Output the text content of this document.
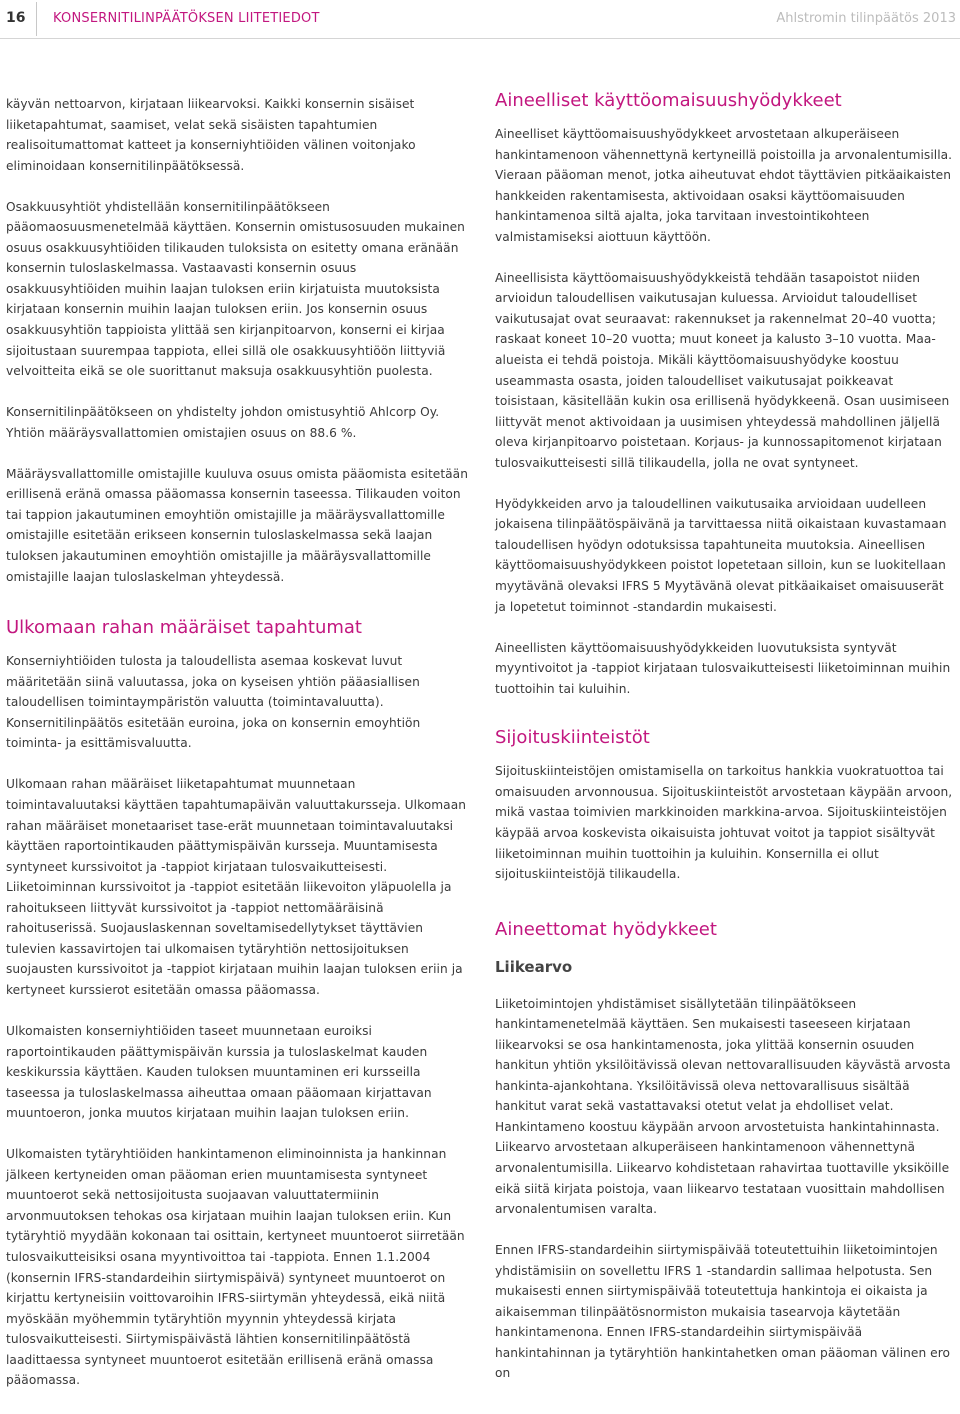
16 KONSERNITILINPÄÄTÖKSEN LIITETIEDOT	Ahlstromin tilinpäätös 2013

käyvän nettoarvon, kirjataan liikearvoksi. Kaikki konsernin sisäiset liiketapahtumat, saamiset, velat sekä sisäisten tapahtumien realisoitumattomat katteet ja konserniyhtiöiden välinen voitonjako eliminoidaan konsernitilinpäätöksessä.

Osakkuusyhtiöt yhdistellään konsernitilinpäätökseen pääomaosuusmenetelmää käyttäen. Konsernin omistusosuuden mukainen osuus osakkuusyhtiöiden tilikauden tuloksista on esitetty omana eränään konsernin tuloslaskelmassa. Vastaavasti konsernin osuus osakkuusyhtiöiden muihin laajan tuloksen eriin kirjatuista muutoksista kirjataan konsernin muihin laajan tuloksen eriin. Jos konsernin osuus osakkuusyhtiön tappioista ylittää sen kirjanpitoarvon, konserni ei kirjaa sijoitustaan suurempaa tappiota, ellei sillä ole osakkuusyhtiöön liittyviä velvoitteita eikä se ole suorittanut maksuja osakkuusyhtiön puolesta.

Konsernitilinpäätökseen on yhdistelty johdon omistusyhtiö Ahlcorp Oy. Yhtiön määräysvallattomien omistajien osuus on 88.6 %.

Määräysvallattomille omistajille kuuluva osuus omista pääomista esitetään erillisenä eränä omassa pääomassa konsernin taseessa. Tilikauden voiton tai tappion jakautuminen emoyhtiön omistajille ja määräysvallattomille omistajille esitetään erikseen konsernin tuloslaskelmassa sekä laajan tuloksen jakautuminen emoyhtiön omistajille ja määräysvallattomille omistajille laajan tuloslaskelman yhteydessä.

Ulkomaan rahan määräiset tapahtumat

Konserniyhtiöiden tulosta ja taloudellista asemaa koskevat luvut määritetään siinä valuutassa, joka on kyseisen yhtiön pääasiallisen taloudellisen toimintaympäristön valuutta (toimintavaluutta). Konsernitilinpäätös esitetään euroina, joka on konsernin emoyhtiön toiminta- ja esittämisvaluutta.

Ulkomaan rahan määräiset liiketapahtumat muunnetaan toimintavaluutaksi käyttäen tapahtumapäivän valuuttakursseja. Ulkomaan rahan määräiset monetaariset tase-erät muunnetaan toimintavaluutaksi käyttäen raportointikauden päättymispäivän kursseja. Muuntamisesta syntyneet kurssivoitot ja -tappiot kirjataan tulosvaikutteisesti. Liiketoiminnan kurssivoitot ja -tappiot esitetään liikevoiton yläpuolella ja rahoitukseen liittyvät kurssivoitot ja -tappiot nettomääräisinä rahoituserissä. Suojauslaskennan soveltamisedellytykset täyttävien tulevien kassavirtojen tai ulkomaisen tytäryhtiön nettosijoituksen suojausten kurssivoitot ja -tappiot kirjataan muihin laajan tuloksen eriin ja kertyneet kurssierot esitetään omassa pääomassa.

Ulkomaisten konserniyhtiöiden taseet muunnetaan euroiksi raportointikauden päättymispäivän kurssia ja tuloslaskelmat kauden keskikurssia käyttäen. Kauden tuloksen muuntaminen eri kursseilla taseessa ja tuloslaskelmassa aiheuttaa omaan pääomaan kirjattavan muuntoeron, jonka muutos kirjataan muihin laajan tuloksen eriin.

Ulkomaisten tytäryhtiöiden hankintamenon eliminoinnista ja hankinnan jälkeen kertyneiden oman pääoman erien muuntamisesta syntyneet muuntoerot sekä nettosijoitusta suojaavan valuuttatermiinin arvonmuutoksen tehokas osa kirjataan muihin laajan tuloksen eriin. Kun tytäryhtiö myydään kokonaan tai osittain, kertyneet muuntoerot siirretään tulosvaikutteisiksi osana myyntivoittoa tai -tappiota. Ennen 1.1.2004 (konsernin IFRS-standardeihin siirtymispäivä) syntyneet muuntoerot on kirjattu kertyneisiin voittovaroihin IFRS-siirtymän yhteydessä, eikä niitä myöskään myöhemmin tytäryhtiön myynnin yhteydessä kirjata tulosvaikutteisesti. Siirtymispäivästä lähtien konsernitilinpäätöstä laadittaessa syntyneet muuntoerot esitetään erillisenä eränä omassa pääomassa.

Aineelliset käyttöomaisuushyödykkeet

Aineelliset käyttöomaisuushyödykkeet arvostetaan alkuperäiseen hankintamenoon vähennettynä kertyneillä poistoilla ja arvonalentumisilla. Vieraan pääoman menot, jotka aiheutuvat ehdot täyttävien pitkäaikaisten hankkeiden rakentamisesta, aktivoidaan osaksi käyttöomaisuuden hankintamenoa siltä ajalta, joka tarvitaan investointikohteen valmistamiseksi aiottuun käyttöön.

Aineellisista käyttöomaisuushyödykkeistä tehdään tasapoistot niiden arvioidun taloudellisen vaikutusajan kuluessa. Arvioidut taloudelliset vaikutusajat ovat seuraavat: rakennukset ja rakennelmat 20–40 vuotta; raskaat koneet 10–20 vuotta; muut koneet ja kalusto 3–10 vuotta. Maa-alueista ei tehdä poistoja. Mikäli käyttöomaisuushyödyke koostuu useammasta osasta, joiden taloudelliset vaikutusajat poikkeavat toisistaan, käsitellään kukin osa erillisenä hyödykkeenä. Osan uusimiseen liittyvät menot aktivoidaan ja uusimisen yhteydessä mahdollinen jäljellä oleva kirjanpitoarvo poistetaan. Korjaus- ja kunnossapitomenot kirjataan tulosvaikutteisesti sillä tilikaudella, jolla ne ovat syntyneet.

Hyödykkeiden arvo ja taloudellinen vaikutusaika arvioidaan uudelleen jokaisena tilinpäätöspäivänä ja tarvittaessa niitä oikaistaan kuvastamaan taloudellisen hyödyn odotuksissa tapahtuneita muutoksia. Aineellisen käyttöomaisuushyödykkeen poistot lopetetaan silloin, kun se luokitellaan myytävänä olevaksi IFRS 5 Myytävänä olevat pitkäaikaiset omaisuuserät ja lopetetut toiminnot -standardin mukaisesti.

Aineellisten käyttöomaisuushyödykkeiden luovutuksista syntyvät myyntivoitot ja -tappiot kirjataan tulosvaikutteisesti liiketoiminnan muihin tuottoihin tai kuluihin.

Sijoituskiinteistöt

Sijoituskiinteistöjen omistamisella on tarkoitus hankkia vuokratuottoa tai omaisuuden arvonnousua. Sijoituskiinteistöt arvostetaan käypään arvoon, mikä vastaa toimivien markkinoiden markkina-arvoa. Sijoituskiinteistöjen käypää arvoa koskevista oikaisuista johtuvat voitot ja tappiot sisältyvät liiketoiminnan muihin tuottoihin ja kuluihin. Konsernilla ei ollut sijoituskiinteistöjä tilikaudella.

Aineettomat hyödykkeet
Liikearvo

Liiketoimintojen yhdistämiset sisällytetään tilinpäätökseen hankintamenetelmää käyttäen. Sen mukaisesti taseeseen kirjataan liikearvoksi se osa hankintamenosta, joka ylittää konsernin osuuden hankitun yhtiön yksilöitävissä olevan nettovarallisuuden käyvästä arvosta hankinta-ajankohtana. Yksilöitävissä oleva nettovarallisuus sisältää hankitut varat sekä vastattavaksi otetut velat ja ehdolliset velat. Hankintameno koostuu käypään arvoon arvostetuista hankintahinnasta. Liikearvo arvostetaan alkuperäiseen hankintamenoon vähennettynä arvonalentumisilla. Liikearvo kohdistetaan rahavirtaa tuottaville yksiköille eikä siitä kirjata poistoja, vaan liikearvo testataan vuosittain mahdollisen arvonalentumisen varalta.

Ennen IFRS-standardeihin siirtymispäivää toteutettuihin liiketoimintojen yhdistämisiin on sovellettu IFRS 1 -standardin sallimaa helpotusta. Sen mukaisesti ennen siirtymispäivää toteutettuja hankintoja ei oikaista ja aikaisemman tilinpäätösnormiston mukaisia tasearvoja käytetään hankintamenona. Ennen IFRS-standardeihin siirtymispäivää hankintahinnan ja tytäryhtiön hankintahetken oman pääoman välinen ero on
